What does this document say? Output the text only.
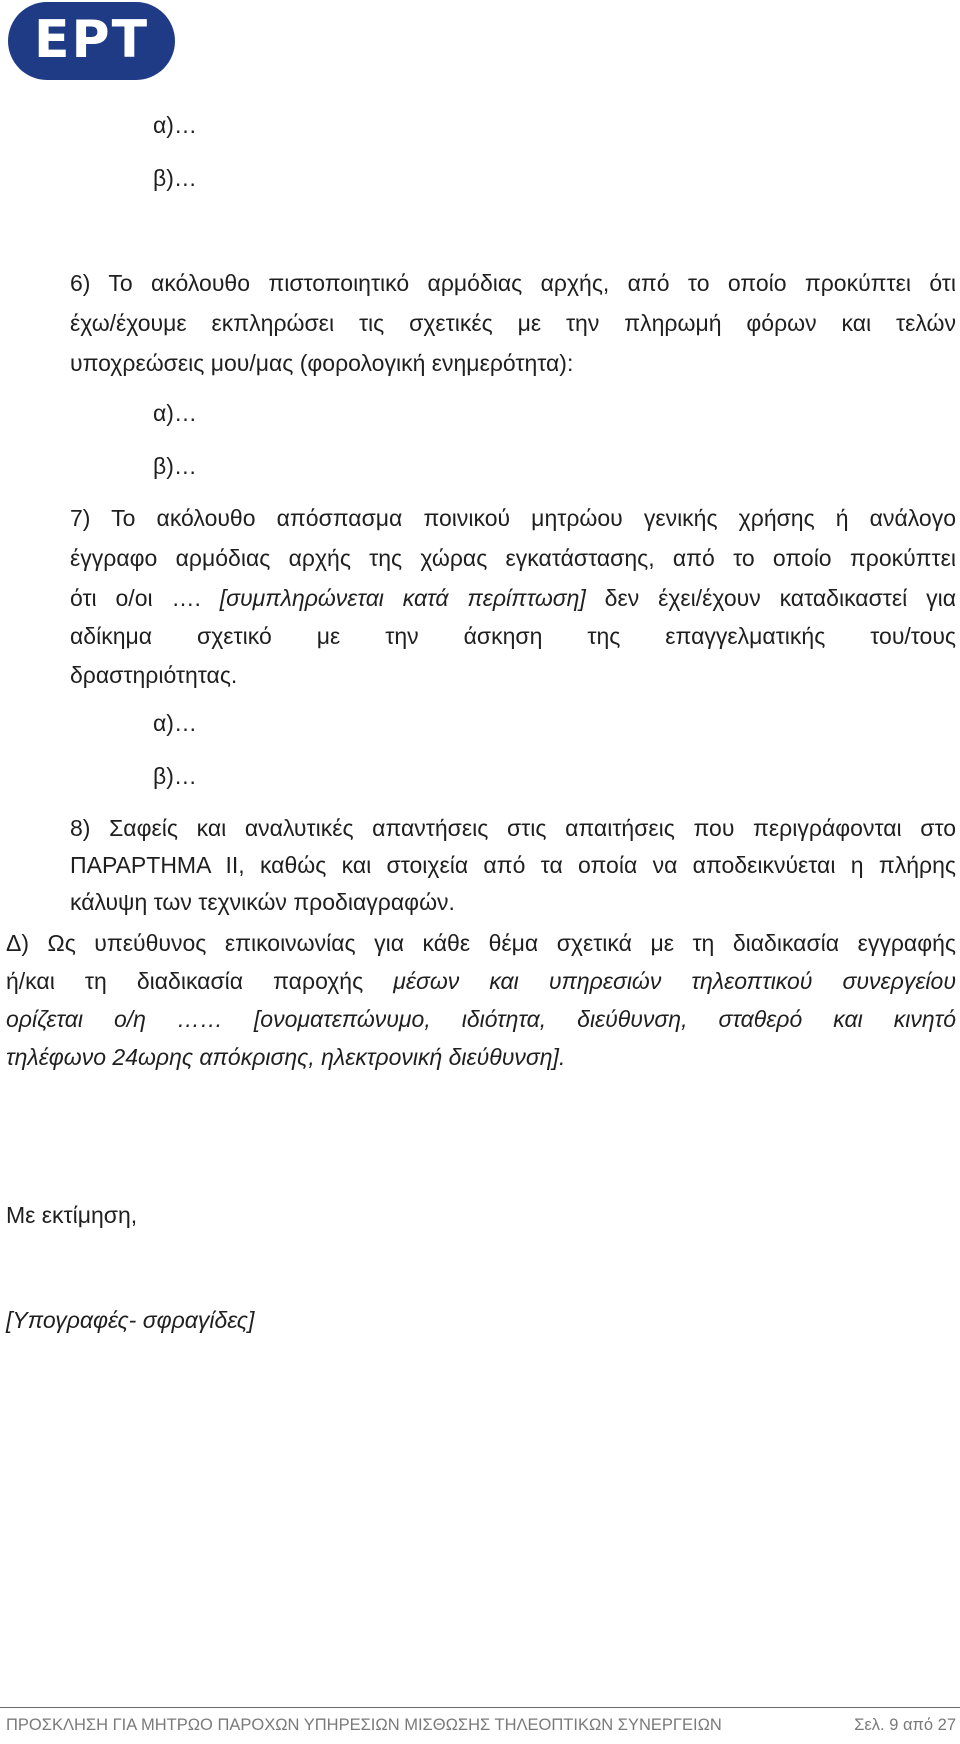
ΕΡΤ
α)…
β)…
6) Το ακόλουθο πιστοποιητικό αρμόδιας αρχής, από το οποίο προκύπτει ότι
έχω/έχουμε εκπληρώσει τις σχετικές με την πληρωμή φόρων και τελών
υποχρεώσεις μου/μας (φορολογική ενημερότητα):
α)…
β)…
7) Το ακόλουθο απόσπασμα ποινικού μητρώου γενικής χρήσης ή ανάλογο
έγγραφο αρμόδιας αρχής της χώρας εγκατάστασης, από το οποίο προκύπτει
ότι ο/οι …. [συμπληρώνεται κατά περίπτωση] δεν έχει/έχουν καταδικαστεί για
αδίκημα σχετικό με την άσκηση της επαγγελματικής του/τους
δραστηριότητας.
α)…
β)…
8) Σαφείς και αναλυτικές απαντήσεις στις απαιτήσεις που περιγράφονται στο
ΠΑΡΑΡΤΗΜΑ ΙΙ, καθώς και στοιχεία από τα οποία να αποδεικνύεται η πλήρης
κάλυψη των τεχνικών προδιαγραφών.
Δ) Ως υπεύθυνος επικοινωνίας για κάθε θέμα σχετικά με τη διαδικασία εγγραφής
ή/και τη διαδικασία παροχής μέσων και υπηρεσιών τηλεοπτικού συνεργείου
ορίζεται ο/η …… [ονοματεπώνυμο, ιδιότητα, διεύθυνση, σταθερό και κινητό
τηλέφωνο 24ωρης απόκρισης, ηλεκτρονική διεύθυνση].
Με εκτίμηση,
[Υπογραφές- σφραγίδες]
ΠΡΟΣΚΛΗΣΗ ΓΙΑ ΜΗΤΡΩΟ ΠΑΡΟΧΩΝ ΥΠΗΡΕΣΙΩΝ ΜΙΣΘΩΣΗΣ ΤΗΛΕΟΠΤΙΚΩΝ ΣΥΝΕΡΓΕΙΩΝ	Σελ. 9 από 27
